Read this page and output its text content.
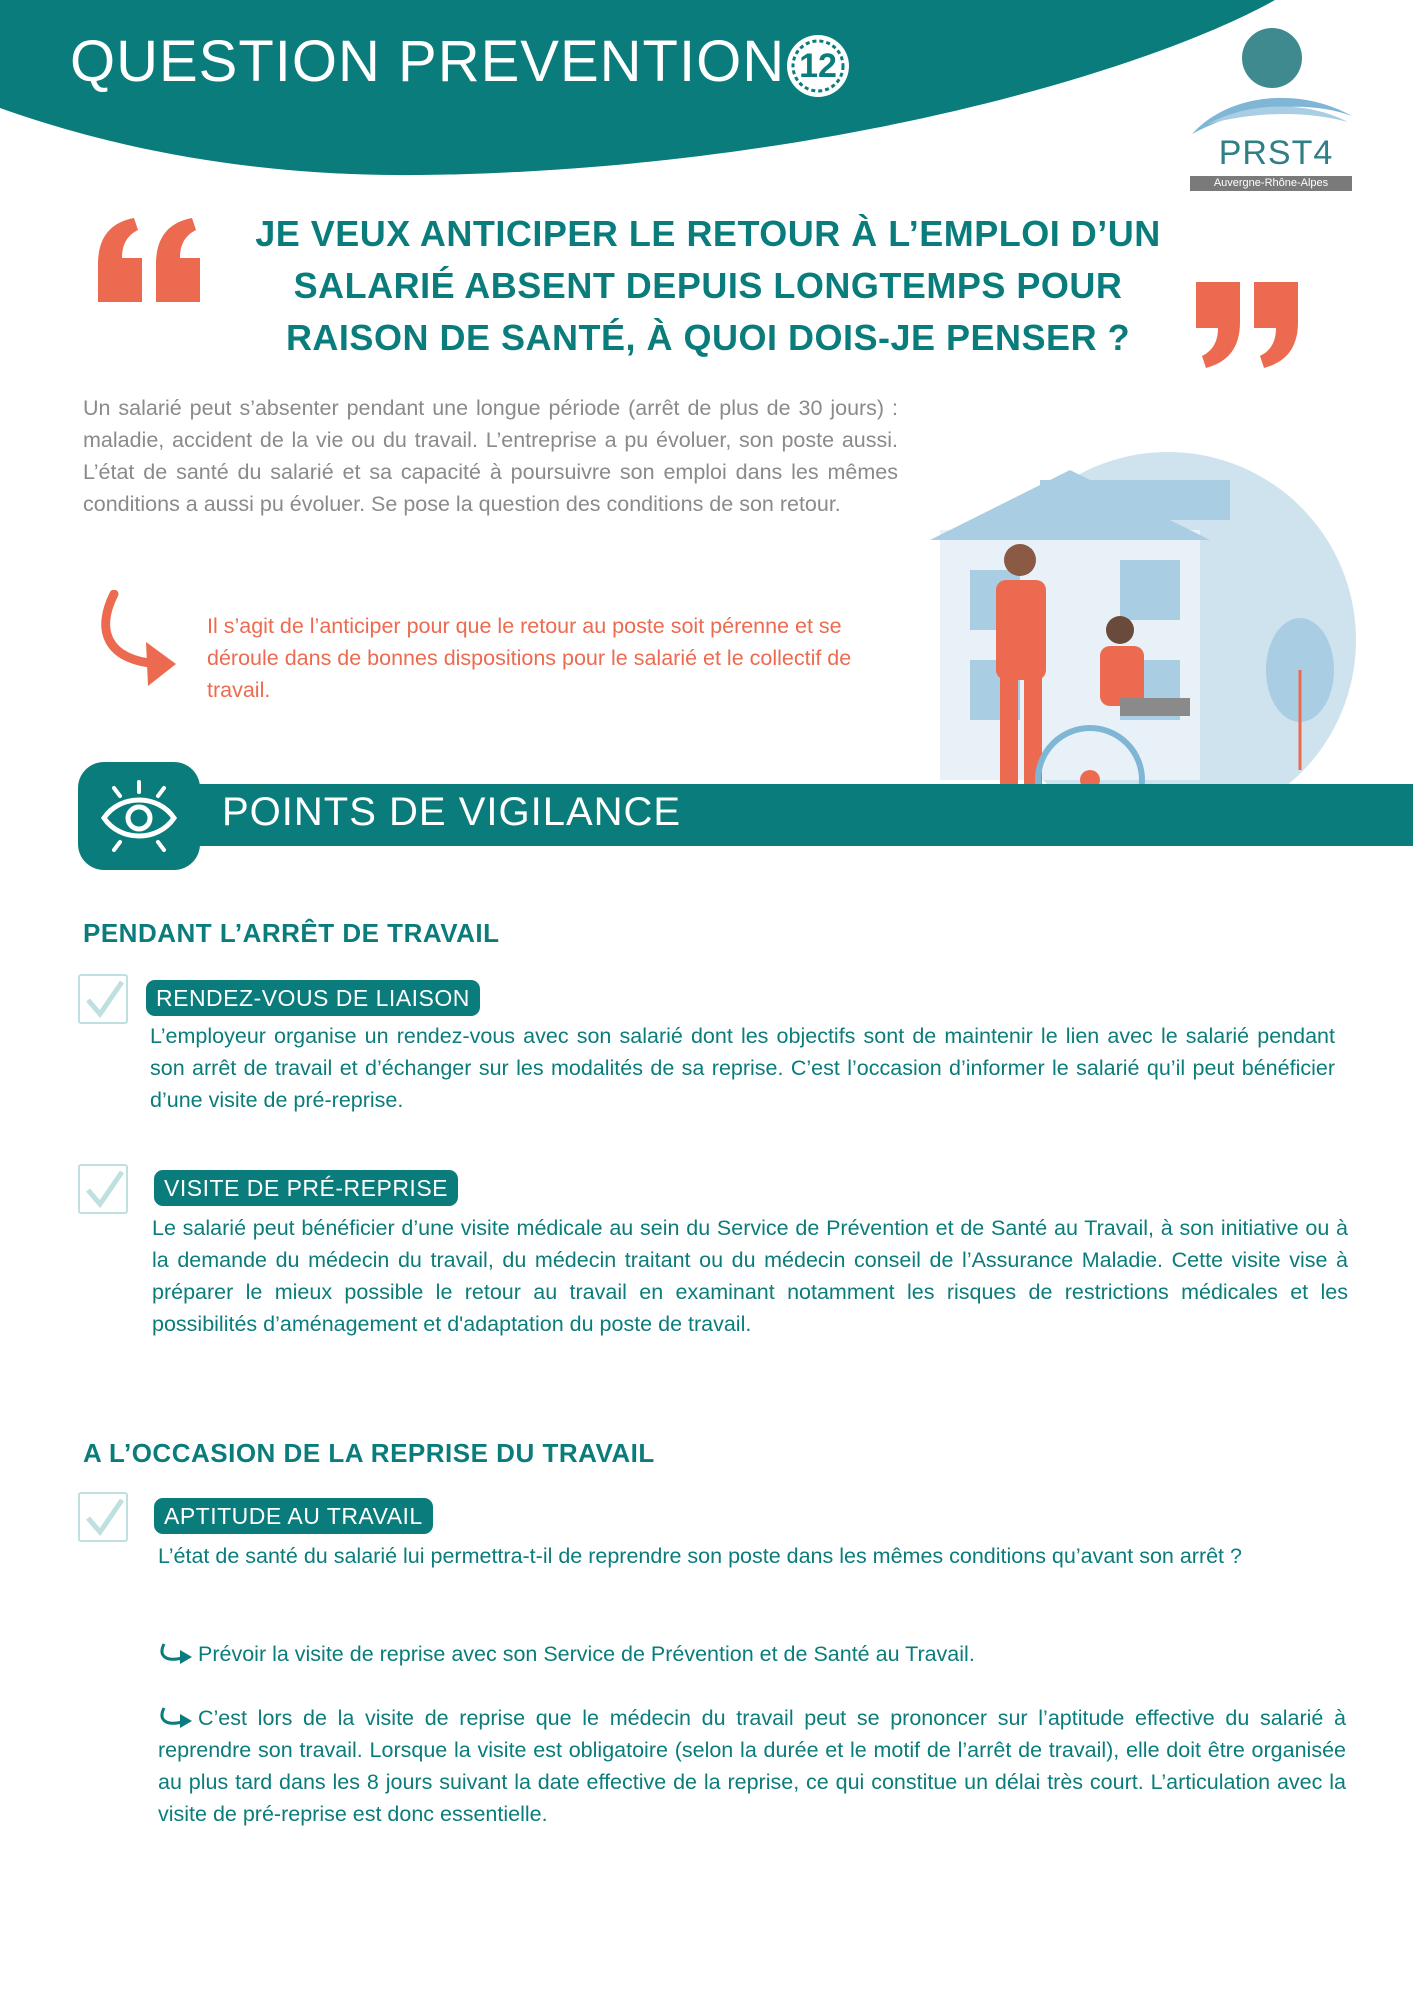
QUESTION PREVENTION 12
PRST4
Auvergne-Rhône-Alpes
JE VEUX ANTICIPER LE RETOUR À L’EMPLOI D’UN SALARIÉ ABSENT DEPUIS LONGTEMPS POUR RAISON DE SANTÉ, À QUOI DOIS-JE PENSER ?
Un salarié peut s’absenter pendant une longue période (arrêt de plus de 30 jours) : maladie, accident de la vie ou du travail. L’entreprise a pu évoluer, son poste aussi. L’état de santé du salarié et sa capacité à poursuivre son emploi dans les mêmes conditions a aussi pu évoluer. Se pose la question des conditions de son retour.
Il s’agit de l’anticiper pour que le retour au poste soit pérenne et se déroule dans de bonnes dispositions pour le salarié et le collectif de travail.
POINTS DE VIGILANCE
PENDANT L’ARRÊT DE TRAVAIL
RENDEZ-VOUS DE LIAISON
L’employeur organise un rendez-vous avec son salarié dont les objectifs sont de maintenir le lien avec le salarié pendant son arrêt de travail et d’échanger sur les modalités de sa reprise. C’est l’occasion d’informer le salarié qu’il peut bénéficier d’une visite de pré-reprise.
VISITE DE PRÉ-REPRISE
Le salarié peut bénéficier d’une visite médicale au sein du Service de Prévention et de Santé au Travail, à son initiative ou à la demande du médecin du travail, du médecin traitant ou du médecin conseil de l’Assurance Maladie. Cette visite vise à préparer le mieux possible le retour au travail en examinant notamment les risques de restrictions médicales et les possibilités d’aménagement et d'adaptation du poste de travail.
A L’OCCASION DE LA REPRISE DU TRAVAIL
APTITUDE AU TRAVAIL
L’état de santé du salarié lui permettra-t-il de reprendre son poste dans les mêmes conditions qu’avant son arrêt ?
Prévoir la visite de reprise avec son Service de Prévention et de Santé au Travail.
C’est lors de la visite de reprise que le médecin du travail peut se prononcer sur l’aptitude effective du salarié à reprendre son travail. Lorsque la visite est obligatoire (selon la durée et le motif de l’arrêt de travail), elle doit être organisée au plus tard dans les 8 jours suivant la date effective de la reprise, ce qui constitue un délai très court. L’articulation avec la visite de pré-reprise est donc essentielle.
